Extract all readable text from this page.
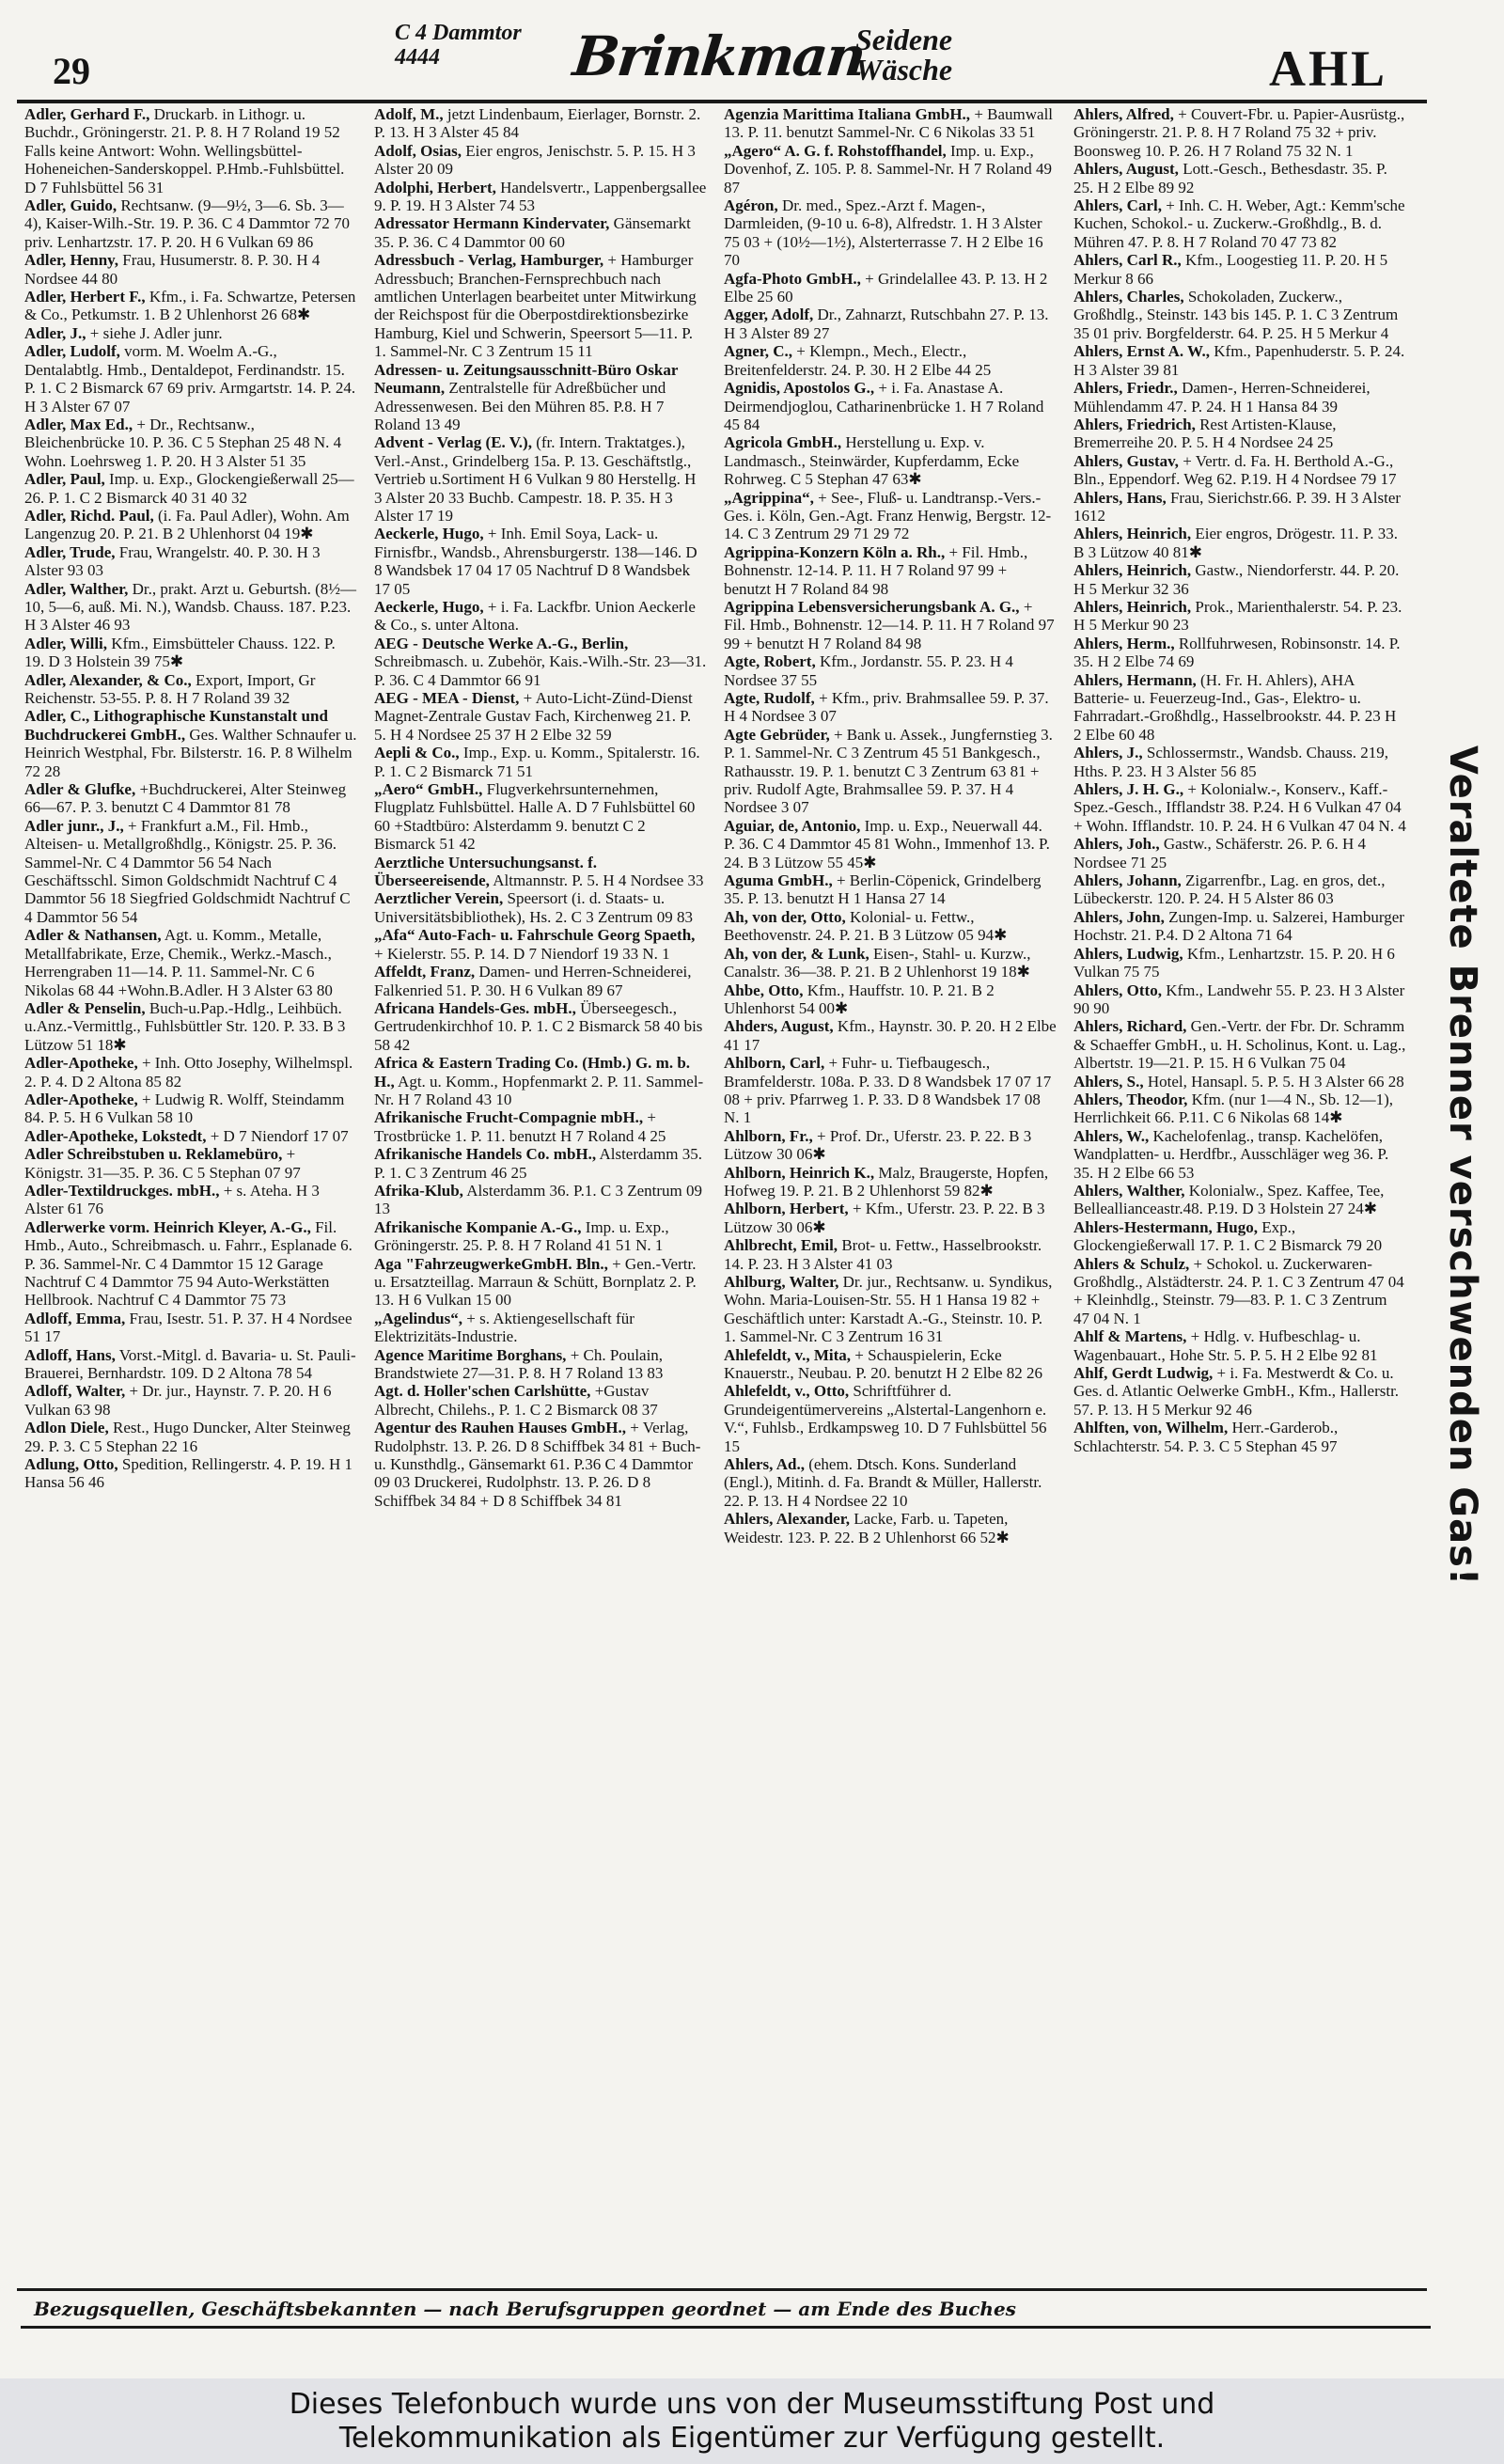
29
C 4 Dammtor
4444	Brinkman
Seidene
Wäsche	AHL

Adler, Gerhard F., Druckarb. in Lithogr. u. Buchdr., Gröningerstr. 21. P. 8. H 7 Roland 19 52 Falls keine Antwort: Wohn. Wellingsbüttel-Hoheneichen-Sanderskoppel. P.Hmb.-Fuhlsbüttel. D 7 Fuhlsbüttel 56 31

Adler, Guido, Rechtsanw. (9—9½, 3—6. Sb. 3—4), Kaiser-Wilh.-Str. 19. P. 36. C 4 Dammtor 72 70 priv. Lenhartzstr. 17. P. 20. H 6 Vulkan 69 86

Adler, Henny, Frau, Husumerstr. 8. P. 30. H 4 Nordsee 44 80

Adler, Herbert F., Kfm., i. Fa. Schwartze, Petersen & Co., Petkumstr. 1. B 2 Uhlenhorst 26 68✱

Adler, J., + siehe J. Adler junr.

Adler, Ludolf, vorm. M. Woelm A.-G., Dentalabtlg. Hmb., Dentaldepot, Ferdinandstr. 15. P. 1. C 2 Bismarck 67 69 priv. Armgartstr. 14. P. 24. H 3 Alster 67 07

Adler, Max Ed., + Dr., Rechtsanw., Bleichenbrücke 10. P. 36. C 5 Stephan 25 48 N. 4 Wohn. Loehrsweg 1. P. 20. H 3 Alster 51 35

Adler, Paul, Imp. u. Exp., Glockengießerwall 25—26. P. 1. C 2 Bismarck 40 31 40 32

Adler, Richd. Paul, (i. Fa. Paul Adler), Wohn. Am Langenzug 20. P. 21. B 2 Uhlenhorst 04 19✱

Adler, Trude, Frau, Wrangelstr. 40. P. 30. H 3 Alster 93 03

Adler, Walther, Dr., prakt. Arzt u. Geburtsh. (8½—10, 5—6, auß. Mi. N.), Wandsb. Chauss. 187. P.23. H 3 Alster 46 93

Adler, Willi, Kfm., Eimsbütteler Chauss. 122. P. 19. D 3 Holstein 39 75✱

Adler, Alexander, & Co., Export, Import, Gr Reichenstr. 53-55. P. 8. H 7 Roland 39 32

Adler, C., Lithographische Kunstanstalt und Buchdruckerei GmbH., Ges. Walther Schnaufer u. Heinrich Westphal, Fbr. Bilsterstr. 16. P. 8 Wilhelm 72 28

Adler & Glufke, +Buchdruckerei, Alter Steinweg 66—67. P. 3. benutzt C 4 Dammtor 81 78

Adler junr., J., + Frankfurt a.M., Fil. Hmb., Alteisen- u. Metallgroßhdlg., Königstr. 25. P. 36. Sammel-Nr. C 4 Dammtor 56 54 Nach Geschäftsschl. Simon Goldschmidt Nachtruf C 4 Dammtor 56 18 Siegfried Goldschmidt Nachtruf C 4 Dammtor 56 54

Adler & Nathansen, Agt. u. Komm., Metalle, Metallfabrikate, Erze, Chemik., Werkz.-Masch., Herrengraben 11—14. P. 11. Sammel-Nr. C 6 Nikolas 68 44 +Wohn.B.Adler. H 3 Alster 63 80

Adler & Penselin, Buch-u.Pap.-Hdlg., Leihbüch. u.Anz.-Vermittlg., Fuhlsbüttler Str. 120. P. 33. B 3 Lützow 51 18✱

Adler-Apotheke, + Inh. Otto Josephy, Wilhelmspl. 2. P. 4. D 2 Altona 85 82

Adler-Apotheke, + Ludwig R. Wolff, Steindamm 84. P. 5. H 6 Vulkan 58 10

Adler-Apotheke, Lokstedt, + D 7 Niendorf 17 07

Adler Schreibstuben u. Reklamebüro, + Königstr. 31—35. P. 36. C 5 Stephan 07 97

Adler-Textildruckges. mbH., + s. Ateha. H 3 Alster 61 76

Adlerwerke vorm. Heinrich Kleyer, A.-G., Fil. Hmb., Auto., Schreibmasch. u. Fahrr., Esplanade 6. P. 36. Sammel-Nr. C 4 Dammtor 15 12 Garage Nachtruf C 4 Dammtor 75 94 Auto-Werkstätten Hellbrook. Nachtruf C 4 Dammtor 75 73

Adloff, Emma, Frau, Isestr. 51. P. 37. H 4 Nordsee 51 17

Adloff, Hans, Vorst.-Mitgl. d. Bavaria- u. St. Pauli-Brauerei, Bernhardstr. 109. D 2 Altona 78 54

Adloff, Walter, + Dr. jur., Haynstr. 7. P. 20. H 6 Vulkan 63 98

Adlon Diele, Rest., Hugo Duncker, Alter Steinweg 29. P. 3. C 5 Stephan 22 16

Adlung, Otto, Spedition, Rellingerstr. 4. P. 19. H 1 Hansa 56 46

Adolf, M., jetzt Lindenbaum, Eierlager, Bornstr. 2. P. 13. H 3 Alster 45 84

Adolf, Osias, Eier engros, Jenischstr. 5. P. 15. H 3 Alster 20 09

Adolphi, Herbert, Handelsvertr., Lappenbergsallee 9. P. 19. H 3 Alster 74 53

Adressator Hermann Kindervater, Gänsemarkt 35. P. 36. C 4 Dammtor 00 60

Adressbuch - Verlag, Hamburger, + Hamburger Adressbuch; Branchen-Fernsprechbuch nach amtlichen Unterlagen bearbeitet unter Mitwirkung der Reichspost für die Oberpostdirektionsbezirke Hamburg, Kiel und Schwerin, Speersort 5—11. P. 1. Sammel-Nr. C 3 Zentrum 15 11

Adressen- u. Zeitungsausschnitt-Büro Oskar Neumann, Zentralstelle für Adreßbücher und Adressenwesen. Bei den Mühren 85. P.8. H 7 Roland 13 49

Advent - Verlag (E. V.), (fr. Intern. Traktatges.), Verl.-Anst., Grindelberg 15a. P. 13. Geschäftstlg., Vertrieb u.Sortiment H 6 Vulkan 9 80 Herstellg. H 3 Alster 20 33 Buchb. Campestr. 18. P. 35. H 3 Alster 17 19

Aeckerle, Hugo, + Inh. Emil Soya, Lack- u. Firnisfbr., Wandsb., Ahrensburgerstr. 138—146. D 8 Wandsbek 17 04 17 05 Nachtruf D 8 Wandsbek 17 05

Aeckerle, Hugo, + i. Fa. Lackfbr. Union Aeckerle & Co., s. unter Altona.

AEG - Deutsche Werke A.-G., Berlin, Schreibmasch. u. Zubehör, Kais.-Wilh.-Str. 23—31. P. 36. C 4 Dammtor 66 91

AEG - MEA - Dienst, + Auto-Licht-Zünd-Dienst Magnet-Zentrale Gustav Fach, Kirchenweg 21. P. 5. H 4 Nordsee 25 37 H 2 Elbe 32 59

Aepli & Co., Imp., Exp. u. Komm., Spitalerstr. 16. P. 1. C 2 Bismarck 71 51

„Aero“ GmbH., Flugverkehrsunternehmen, Flugplatz Fuhlsbüttel. Halle A. D 7 Fuhlsbüttel 60 60 +Stadtbüro: Alsterdamm 9. benutzt C 2 Bismarck 51 42

Aerztliche Untersuchungsanst. f. Überseereisende, Altmannstr. P. 5. H 4 Nordsee 33

Aerztlicher Verein, Speersort (i. d. Staats- u. Universitätsbibliothek), Hs. 2. C 3 Zentrum 09 83

„Afa“ Auto-Fach- u. Fahrschule Georg Spaeth, + Kielerstr. 55. P. 14. D 7 Niendorf 19 33 N. 1

Affeldt, Franz, Damen- und Herren-Schneiderei, Falkenried 51. P. 30. H 6 Vulkan 89 67

Africana Handels-Ges. mbH., Überseegesch., Gertrudenkirchhof 10. P. 1. C 2 Bismarck 58 40 bis 58 42

Africa & Eastern Trading Co. (Hmb.) G. m. b. H., Agt. u. Komm., Hopfenmarkt 2. P. 11. Sammel-Nr. H 7 Roland 43 10

Afrikanische Frucht-Compagnie mbH., + Trostbrücke 1. P. 11. benutzt H 7 Roland 4 25

Afrikanische Handels Co. mbH., Alsterdamm 35. P. 1. C 3 Zentrum 46 25

Afrika-Klub, Alsterdamm 36. P.1. C 3 Zentrum 09 13

Afrikanische Kompanie A.-G., Imp. u. Exp., Gröningerstr. 25. P. 8. H 7 Roland 41 51 N. 1

Aga "FahrzeugwerkeGmbH. Bln., + Gen.-Vertr. u. Ersatzteillag. Marraun & Schütt, Bornplatz 2. P. 13. H 6 Vulkan 15 00

„Agelindus“, + s. Aktiengesellschaft für Elektrizitäts-Industrie.

Agence Maritime Borghans, + Ch. Poulain, Brandstwiete 27—31. P. 8. H 7 Roland 13 83

Agt. d. Holler'schen Carlshütte, +Gustav Albrecht, Chilehs., P. 1. C 2 Bismarck 08 37

Agentur des Rauhen Hauses GmbH., + Verlag, Rudolphstr. 13. P. 26. D 8 Schiffbek 34 81 + Buch- u. Kunsthdlg., Gänsemarkt 61. P.36 C 4 Dammtor 09 03 Druckerei, Rudolphstr. 13. P. 26. D 8 Schiffbek 34 84 + D 8 Schiffbek 34 81

Agenzia Marittima Italiana GmbH., + Baumwall 13. P. 11. benutzt Sammel-Nr. C 6 Nikolas 33 51

„Agero“ A. G. f. Rohstoffhandel, Imp. u. Exp., Dovenhof, Z. 105. P. 8. Sammel-Nr. H 7 Roland 49 87

Agéron, Dr. med., Spez.-Arzt f. Magen-, Darmleiden, (9-10 u. 6-8), Alfredstr. 1. H 3 Alster 75 03 + (10½—1½), Alsterterrasse 7. H 2 Elbe 16 70

Agfa-Photo GmbH., + Grindelallee 43. P. 13. H 2 Elbe 25 60

Agger, Adolf, Dr., Zahnarzt, Rutschbahn 27. P. 13. H 3 Alster 89 27

Agner, C., + Klempn., Mech., Electr., Breitenfelderstr. 24. P. 30. H 2 Elbe 44 25

Agnidis, Apostolos G., + i. Fa. Anastase A. Deirmendjoglou, Catharinenbrücke 1. H 7 Roland 45 84

Agricola GmbH., Herstellung u. Exp. v. Landmasch., Steinwärder, Kupferdamm, Ecke Rohrweg. C 5 Stephan 47 63✱

„Agrippina“, + See-, Fluß- u. Landtransp.-Vers.-Ges. i. Köln, Gen.-Agt. Franz Henwig, Bergstr. 12-14. C 3 Zentrum 29 71 29 72

Agrippina-Konzern Köln a. Rh., + Fil. Hmb., Bohnenstr. 12-14. P. 11. H 7 Roland 97 99 + benutzt H 7 Roland 84 98

Agrippina Lebensversicherungsbank A. G., + Fil. Hmb., Bohnenstr. 12—14. P. 11. H 7 Roland 97 99 + benutzt H 7 Roland 84 98

Agte, Robert, Kfm., Jordanstr. 55. P. 23. H 4 Nordsee 37 55

Agte, Rudolf, + Kfm., priv. Brahmsallee 59. P. 37. H 4 Nordsee 3 07

Agte Gebrüder, + Bank u. Assek., Jungfernstieg 3. P. 1. Sammel-Nr. C 3 Zentrum 45 51 Bankgesch., Rathausstr. 19. P. 1. benutzt C 3 Zentrum 63 81 + priv. Rudolf Agte, Brahmsallee 59. P. 37. H 4 Nordsee 3 07

Aguiar, de, Antonio, Imp. u. Exp., Neuerwall 44. P. 36. C 4 Dammtor 45 81 Wohn., Immenhof 13. P. 24. B 3 Lützow 55 45✱

Aguma GmbH., + Berlin-Cöpenick, Grindelberg 35. P. 13. benutzt H 1 Hansa 27 14

Ah, von der, Otto, Kolonial- u. Fettw., Beethovenstr. 24. P. 21. B 3 Lützow 05 94✱

Ah, von der, & Lunk, Eisen-, Stahl- u. Kurzw., Canalstr. 36—38. P. 21. B 2 Uhlenhorst 19 18✱

Ahbe, Otto, Kfm., Hauffstr. 10. P. 21. B 2 Uhlenhorst 54 00✱

Ahders, August, Kfm., Haynstr. 30. P. 20. H 2 Elbe 41 17

Ahlborn, Carl, + Fuhr- u. Tiefbaugesch., Bramfelderstr. 108a. P. 33. D 8 Wandsbek 17 07 17 08 + priv. Pfarrweg 1. P. 33. D 8 Wandsbek 17 08 N. 1

Ahlborn, Fr., + Prof. Dr., Uferstr. 23. P. 22. B 3 Lützow 30 06✱

Ahlborn, Heinrich K., Malz, Braugerste, Hopfen, Hofweg 19. P. 21. B 2 Uhlenhorst 59 82✱

Ahlborn, Herbert, + Kfm., Uferstr. 23. P. 22. B 3 Lützow 30 06✱

Ahlbrecht, Emil, Brot- u. Fettw., Hasselbrookstr. 14. P. 23. H 3 Alster 41 03

Ahlburg, Walter, Dr. jur., Rechtsanw. u. Syndikus, Wohn. Maria-Louisen-Str. 55. H 1 Hansa 19 82 + Geschäftlich unter: Karstadt A.-G., Steinstr. 10. P. 1. Sammel-Nr. C 3 Zentrum 16 31

Ahlefeldt, v., Mita, + Schauspielerin, Ecke Knauerstr., Neubau. P. 20. benutzt H 2 Elbe 82 26

Ahlefeldt, v., Otto, Schriftführer d. Grundeigentümervereins „Alstertal-Langenhorn e. V.“, Fuhlsb., Erdkampsweg 10. D 7 Fuhlsbüttel 56 15

Ahlers, Ad., (ehem. Dtsch. Kons. Sunderland (Engl.), Mitinh. d. Fa. Brandt & Müller, Hallerstr. 22. P. 13. H 4 Nordsee 22 10

Ahlers, Alexander, Lacke, Farb. u. Tapeten, Weidestr. 123. P. 22. B 2 Uhlenhorst 66 52✱

Ahlers, Alfred, + Couvert-Fbr. u. Papier-Ausrüstg., Gröningerstr. 21. P. 8. H 7 Roland 75 32 + priv. Boonsweg 10. P. 26. H 7 Roland 75 32 N. 1

Ahlers, August, Lott.-Gesch., Bethesdastr. 35. P. 25. H 2 Elbe 89 92

Ahlers, Carl, + Inh. C. H. Weber, Agt.: Kemm'sche Kuchen, Schokol.- u. Zuckerw.-Großhdlg., B. d. Mühren 47. P. 8. H 7 Roland 70 47 73 82

Ahlers, Carl R., Kfm., Loogestieg 11. P. 20. H 5 Merkur 8 66

Ahlers, Charles, Schokoladen, Zuckerw., Großhdlg., Steinstr. 143 bis 145. P. 1. C 3 Zentrum 35 01 priv. Borgfelderstr. 64. P. 25. H 5 Merkur 4

Ahlers, Ernst A. W., Kfm., Papenhuderstr. 5. P. 24. H 3 Alster 39 81

Ahlers, Friedr., Damen-, Herren-Schneiderei, Mühlendamm 47. P. 24. H 1 Hansa 84 39

Ahlers, Friedrich, Rest Artisten-Klause, Bremerreihe 20. P. 5. H 4 Nordsee 24 25

Ahlers, Gustav, + Vertr. d. Fa. H. Berthold A.-G., Bln., Eppendorf. Weg 62. P.19. H 4 Nordsee 79 17

Ahlers, Hans, Frau, Sierichstr.66. P. 39. H 3 Alster 1612

Ahlers, Heinrich, Eier engros, Drögestr. 11. P. 33. B 3 Lützow 40 81✱

Ahlers, Heinrich, Gastw., Niendorferstr. 44. P. 20. H 5 Merkur 32 36

Ahlers, Heinrich, Prok., Marienthalerstr. 54. P. 23. H 5 Merkur 90 23

Ahlers, Herm., Rollfuhrwesen, Robinsonstr. 14. P. 35. H 2 Elbe 74 69

Ahlers, Hermann, (H. Fr. H. Ahlers), AHA Batterie- u. Feuerzeug-Ind., Gas-, Elektro- u. Fahrradart.-Großhdlg., Hasselbrookstr. 44. P. 23 H 2 Elbe 60 48

Ahlers, J., Schlossermstr., Wandsb. Chauss. 219, Hths. P. 23. H 3 Alster 56 85

Ahlers, J. H. G., + Kolonialw.-, Konserv., Kaff.-Spez.-Gesch., Ifflandstr 38. P.24. H 6 Vulkan 47 04 + Wohn. Ifflandstr. 10. P. 24. H 6 Vulkan 47 04 N. 4

Ahlers, Joh., Gastw., Schäferstr. 26. P. 6. H 4 Nordsee 71 25

Ahlers, Johann, Zigarrenfbr., Lag. en gros, det., Lübeckerstr. 120. P. 24. H 5 Alster 86 03

Ahlers, John, Zungen-Imp. u. Salzerei, Hamburger Hochstr. 21. P.4. D 2 Altona 71 64

Ahlers, Ludwig, Kfm., Lenhartzstr. 15. P. 20. H 6 Vulkan 75 75

Ahlers, Otto, Kfm., Landwehr 55. P. 23. H 3 Alster 90 90

Ahlers, Richard, Gen.-Vertr. der Fbr. Dr. Schramm & Schaeffer GmbH., u. H. Scholinus, Kont. u. Lag., Albertstr. 19—21. P. 15. H 6 Vulkan 75 04

Ahlers, S., Hotel, Hansapl. 5. P. 5. H 3 Alster 66 28

Ahlers, Theodor, Kfm. (nur 1—4 N., Sb. 12—1), Herrlichkeit 66. P.11. C 6 Nikolas 68 14✱

Ahlers, W., Kachelofenlag., transp. Kachelöfen, Wandplatten- u. Herdfbr., Ausschläger weg 36. P. 35. H 2 Elbe 66 53

Ahlers, Walther, Kolonialw., Spez. Kaffee, Tee, Belleallianceastr.48. P.19. D 3 Holstein 27 24✱

Ahlers-Hestermann, Hugo, Exp., Glockengießerwall 17. P. 1. C 2 Bismarck 79 20

Ahlers & Schulz, + Schokol. u. Zuckerwaren-Großhdlg., Alstädterstr. 24. P. 1. C 3 Zentrum 47 04 + Kleinhdlg., Steinstr. 79—83. P. 1. C 3 Zentrum 47 04 N. 1

Ahlf & Martens, + Hdlg. v. Hufbeschlag- u. Wagenbauart., Hohe Str. 5. P. 5. H 2 Elbe 92 81

Ahlf, Gerdt Ludwig, + i. Fa. Mestwerdt & Co. u. Ges. d. Atlantic Oelwerke GmbH., Kfm., Hallerstr. 57. P. 13. H 5 Merkur 92 46

Ahlften, von, Wilhelm, Herr.-Garderob., Schlachterstr. 54. P. 3. C 5 Stephan 45 97	Veraltete Brenner verschwenden Gas!
Bezugsquellen, Geschäftsbekannten — nach Berufsgruppen geordnet — am Ende des Buches
Dieses Telefonbuch wurde uns von der Museumsstiftung Post und
Telekommunikation als Eigentümer zur Verfügung gestellt.
